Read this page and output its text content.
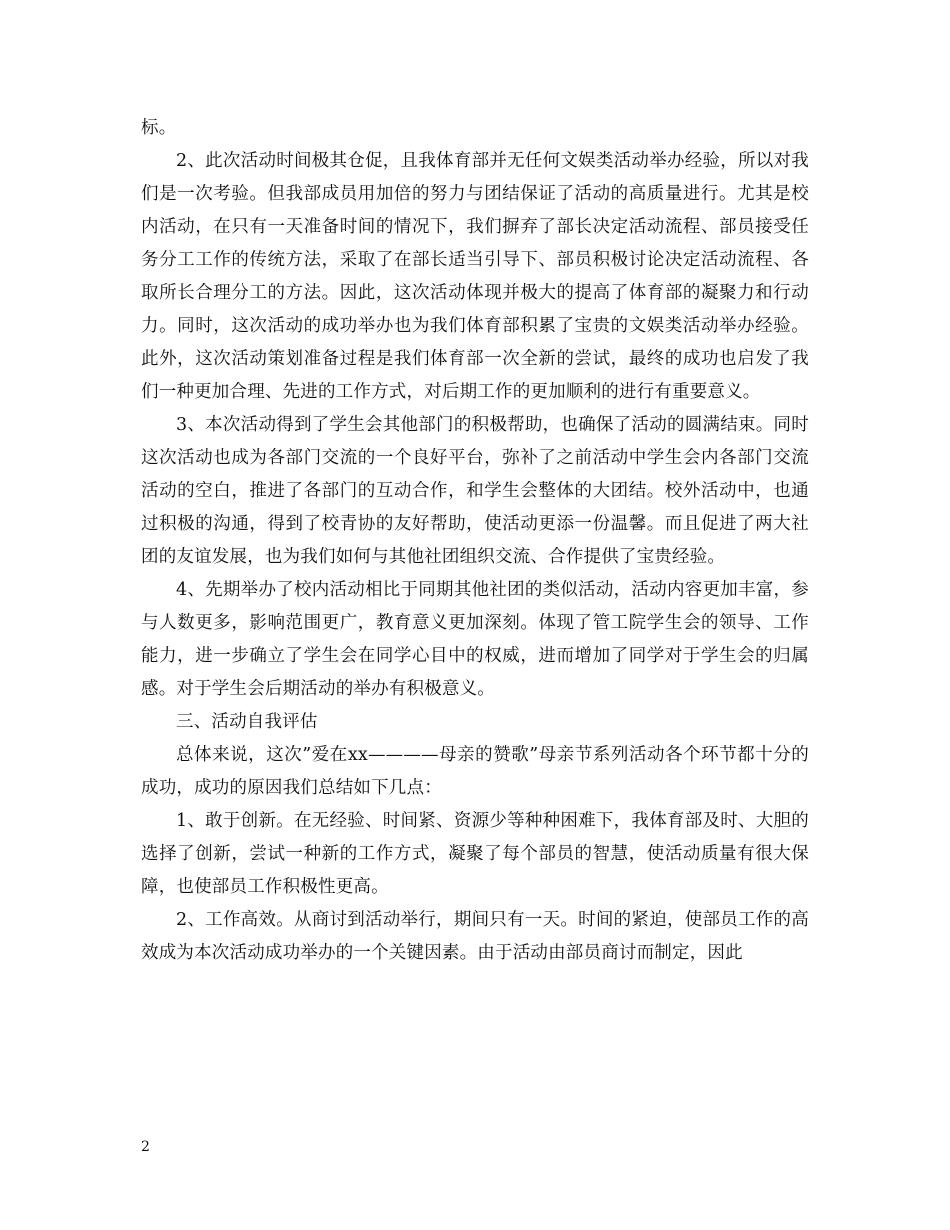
标。

2、此次活动时间极其仓促，且我体育部并无任何文娱类活动举办经验，所以对我们是一次考验。但我部成员用加倍的努力与团结保证了活动的高质量进行。尤其是校内活动，在只有一天准备时间的情况下，我们摒弃了部长决定活动流程、部员接受任务分工工作的传统方法，采取了在部长适当引导下、部员积极讨论决定活动流程、各取所长合理分工的方法。因此，这次活动体现并极大的提高了体育部的凝聚力和行动力。同时，这次活动的成功举办也为我们体育部积累了宝贵的文娱类活动举办经验。此外，这次活动策划准备过程是我们体育部一次全新的尝试，最终的成功也启发了我们一种更加合理、先进的工作方式，对后期工作的更加顺利的进行有重要意义。

3、本次活动得到了学生会其他部门的积极帮助，也确保了活动的圆满结束。同时这次活动也成为各部门交流的一个良好平台，弥补了之前活动中学生会内各部门交流活动的空白，推进了各部门的互动合作，和学生会整体的大团结。校外活动中，也通过积极的沟通，得到了校青协的友好帮助，使活动更添一份温馨。而且促进了两大社团的友谊发展，也为我们如何与其他社团组织交流、合作提供了宝贵经验。

4、先期举办了校内活动相比于同期其他社团的类似活动，活动内容更加丰富，参与人数更多，影响范围更广，教育意义更加深刻。体现了管工院学生会的领导、工作能力，进一步确立了学生会在同学心目中的权威，进而增加了同学对于学生会的归属感。对于学生会后期活动的举办有积极意义。

三、活动自我评估

总体来说，这次”爱在xx————母亲的赞歌”母亲节系列活动各个环节都十分的成功，成功的原因我们总结如下几点：

1、敢于创新。在无经验、时间紧、资源少等种种困难下，我体育部及时、大胆的选择了创新，尝试一种新的工作方式，凝聚了每个部员的智慧，使活动质量有很大保障，也使部员工作积极性更高。

2、工作高效。从商讨到活动举行，期间只有一天。时间的紧迫，使部员工作的高效成为本次活动成功举办的一个关键因素。由于活动由部员商讨而制定，因此

2
